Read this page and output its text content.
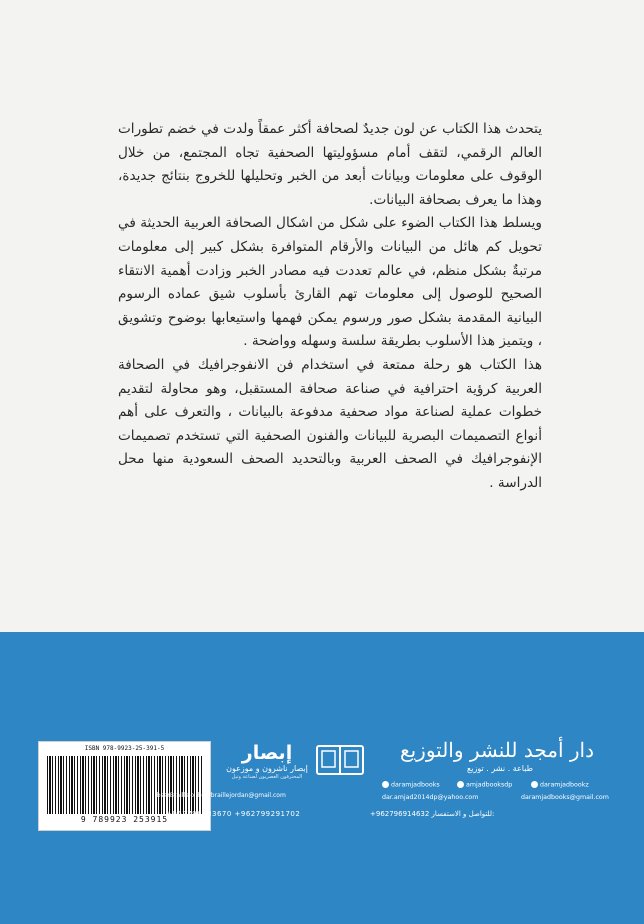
يتحدث هذا الكتاب عن لون جديدٌ لصحافة أكثر عمقاً ولدت في خضم تطورات العالم الرقمي، لتقف أمام مسؤوليتها الصحفية تجاه المجتمع، من خلال الوقوف على معلومات وبيانات أبعد من الخبر وتحليلها للخروج بنتائج جديدة، وهذا ما يعرف بصحافة البيانات.

ويسلط هذا الكتاب الضوء على شكل من اشكال الصحافة العربية الحديثة في تحويل كم هائل من البيانات والأرقام المتوافرة بشكل كبير إلى معلومات مرتبةٌ بشكل منظم، في عالم تعددت فيه مصادر الخبر وزادت أهمية الانتقاء الصحيح للوصول إلى معلومات تهم القارئ بأسلوب شيق عماده الرسوم البيانية المقدمة بشكل صور ورسوم يمكن فهمها واستيعابها بوضوح وتشويق ، ويتميز هذا الأسلوب بطريقة سلسة وسهله وواضحة .

هذا الكتاب هو رحلة ممتعة في استخدام فن الانفوجرافيك في الصحافة العربية كرؤية احترافية في صناعة صحافة المستقبل، وهو محاولة لتقديم خطوات عملية لصناعة مواد صحفية مدفوعة بالبيانات ، والتعرف على أهم أنواع التصميمات البصرية للبيانات والفنون الصحفية التي تستخدم تصميمات الإنفوجرافيك في الصحف العربية وبالتحديد الصحف السعودية منها محل الدراسة .

ISBN 978-9923-25-391-5
9 789923 253915
إبصار
إبصار ناشرون و موزعون
المحترفون العصريون لصناعة وتيل
IbsarBraillejo ibsarbraillejordan@gmail.com
+962796803670 +962799291702
دار أمجد للنشر والتوزيع
طباعة . نشر . توزيع
daramjadbooks	amjadbooksdp	daramjadbookz
dar.amjad2014dp@yahoo.com	daramjadbooks@gmail.com
+962796914632 للتواصل و الاستفسار:
